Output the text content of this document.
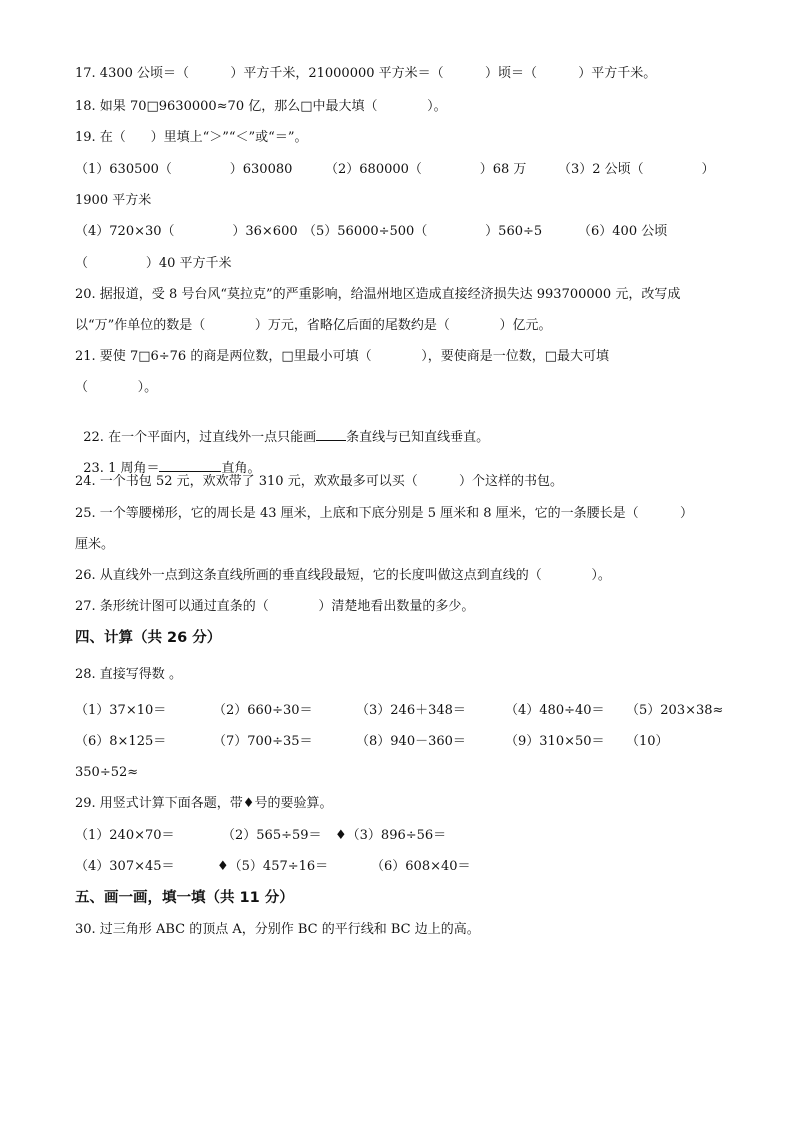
17. 4300 公顷＝（          ）平方千米，21000000 平方米＝（          ）顷＝（          ）平方千米。
18. 如果 70□9630000≈70 亿，那么□中最大填（            ）。
19. 在（      ）里填上“＞”“＜”或“＝”。
（1）630500（              ）630080	（2）680000（              ）68 万 （3）2 公顷（              ）
1900 平方米
（4）720×30（              ）36×600 （5）56000÷500（              ）560÷5	（6）400 公顷
（              ）40 平方千米
20. 据报道，受 8 号台风“莫拉克”的严重影响，给温州地区造成直接经济损失达 993700000 元，改写成
以“万”作单位的数是（            ）万元，省略亿后面的尾数约是（            ）亿元。
21. 要使 7□6÷76 的商是两位数，□里最小可填（            ），要使商是一位数，□最大可填
（            ）。

22. 在一个平面内，过直线外一点只能画 条直线与已知直线垂直。

23. 1 周角＝	直角。

24. 一个书包 52 元，欢欢带了 310 元，欢欢最多可以买（          ）个这样的书包。
25. 一个等腰梯形，它的周长是 43 厘米，上底和下底分别是 5 厘米和 8 厘米，它的一条腰长是（          ）
厘米。
26. 从直线外一点到这条直线所画的垂直线段最短，它的长度叫做这点到直线的（            ）。
27. 条形统计图可以通过直条的（            ）清楚地看出数量的多少。
四、计算（共 26 分）
28. 直接写得数 。
（1）37×10＝	（2）660÷30＝	（3）246＋348＝	（4）480÷40＝ （5）203×38≈
（6）8×125＝	（7）700÷35＝	（8）940－360＝	（9）310×50＝ （10）
350÷52≈
29. 用竖式计算下面各题，带♦号的要验算。
（1）240×70＝	（2）565÷59＝ ♦（3）896÷56＝
（4）307×45＝	♦（5）457÷16＝	（6）608×40＝
五、画一画，填一填（共 11 分）
30. 过三角形 ABC 的顶点 A，分别作 BC 的平行线和 BC 边上的高。
